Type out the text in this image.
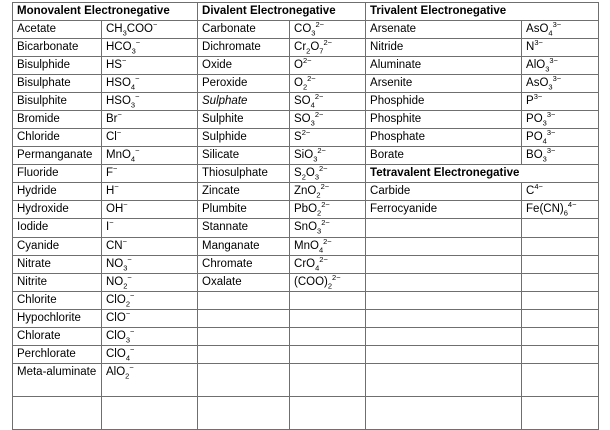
Monovalent Electronegative		Divalent Electronegative		Trivalent Electronegative	
Acetate	$CH_3COO^-$	Carbonate	$CO_3^{2-}$	Arsenate	AsO$_4^{3-}$
Bicarbonate	$HCO_3^-$	Dichromate	$Cr_2O_7^{2-}$	Nitride	$N^{3-}$
Bisulphide	HS−	Oxide	$O^{2-}$	Aluminate	AlO$_3^{3-}$
Bisulphate	$HSO_4^-$	Peroxide	$O_2^{2-}$	Arsenite	AsO$_3^{3-}$
Bisulphite	$HSO_3^-$	Sulphate	$SO_4^{2-}$	Phosphide	$P^{3-}$
Bromide	Br−	Sulphite	$SO_3^{2-}$	Phosphite	$PO_3^{3-}$
Chloride	Cl−	Sulphide	$S^{2-}$	Phosphate	$PO_4^{3-}$
Permanganate	MnO$_4$−	Silicate	SiO$_3^{2-}$	Borate	$BO_3^{3-}$
Fluoride	F−	Thiosulphate	$S_2O_3^{2-}$	Tetravalent Electronegative	
Hydride	H−	Zincate	ZnO$_2^{2-}$	Carbide	$C^{4-}$
Hydroxide	OH−	Plumbite	PbO$_2^{2-}$	Ferrocyanide	$Fe(CN)_6^{4-}$
Iodide	I−	Stannate	SnO$_3^{2-}$		
Cyanide	CN−	Manganate	MnO$_4^{2-}$		
Nitrate	$NO_3^-$	Chromate	CrO$_4^{2-}$		
Nitrite	$NO_2^-$	Oxalate	$(COO)_2^{2-}$		
Chlorite	ClO$_2$−				
Hypochlorite	ClO−				
Chlorate	ClO$_3$−				
Perchlorate	ClO$_4$−				
Meta-aluminate	AlO$_2$−				
